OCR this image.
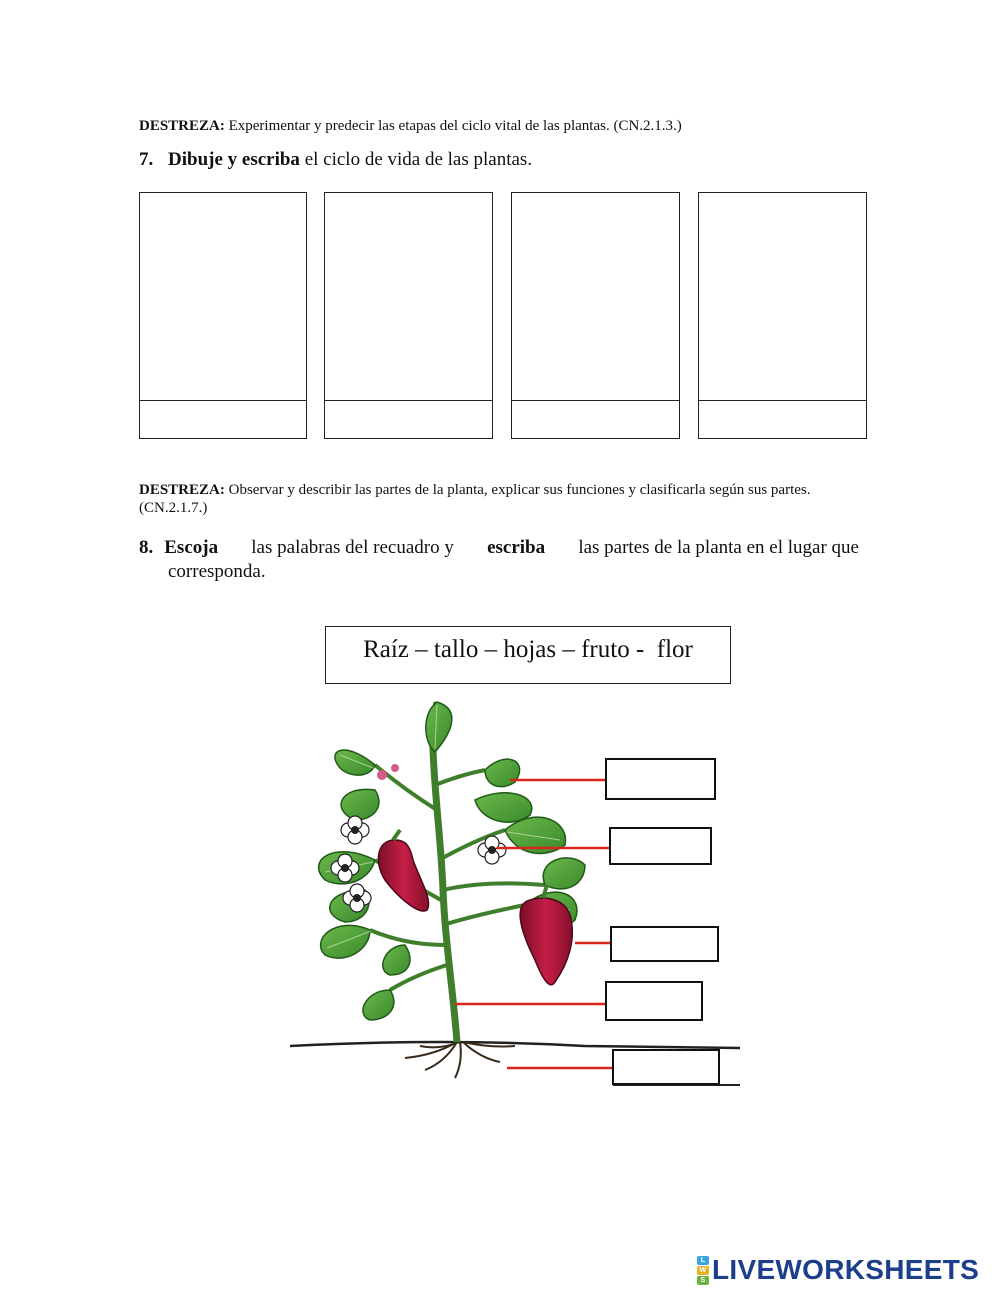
DESTREZA: Experimentar y predecir las etapas del ciclo vital de las plantas. (CN.2.1.3.)
7. Dibuje y escriba el ciclo de vida de las plantas.
DESTREZA: Observar y describir las partes de la planta, explicar sus funciones y clasificarla según sus partes.
(CN.2.1.7.)
8. Escoja las palabras del recuadro y escriba las partes de la planta en el lugar que
corresponda.
Raíz – tallo – hojas – fruto -  flor
L
W
S LIVEWORKSHEETS
